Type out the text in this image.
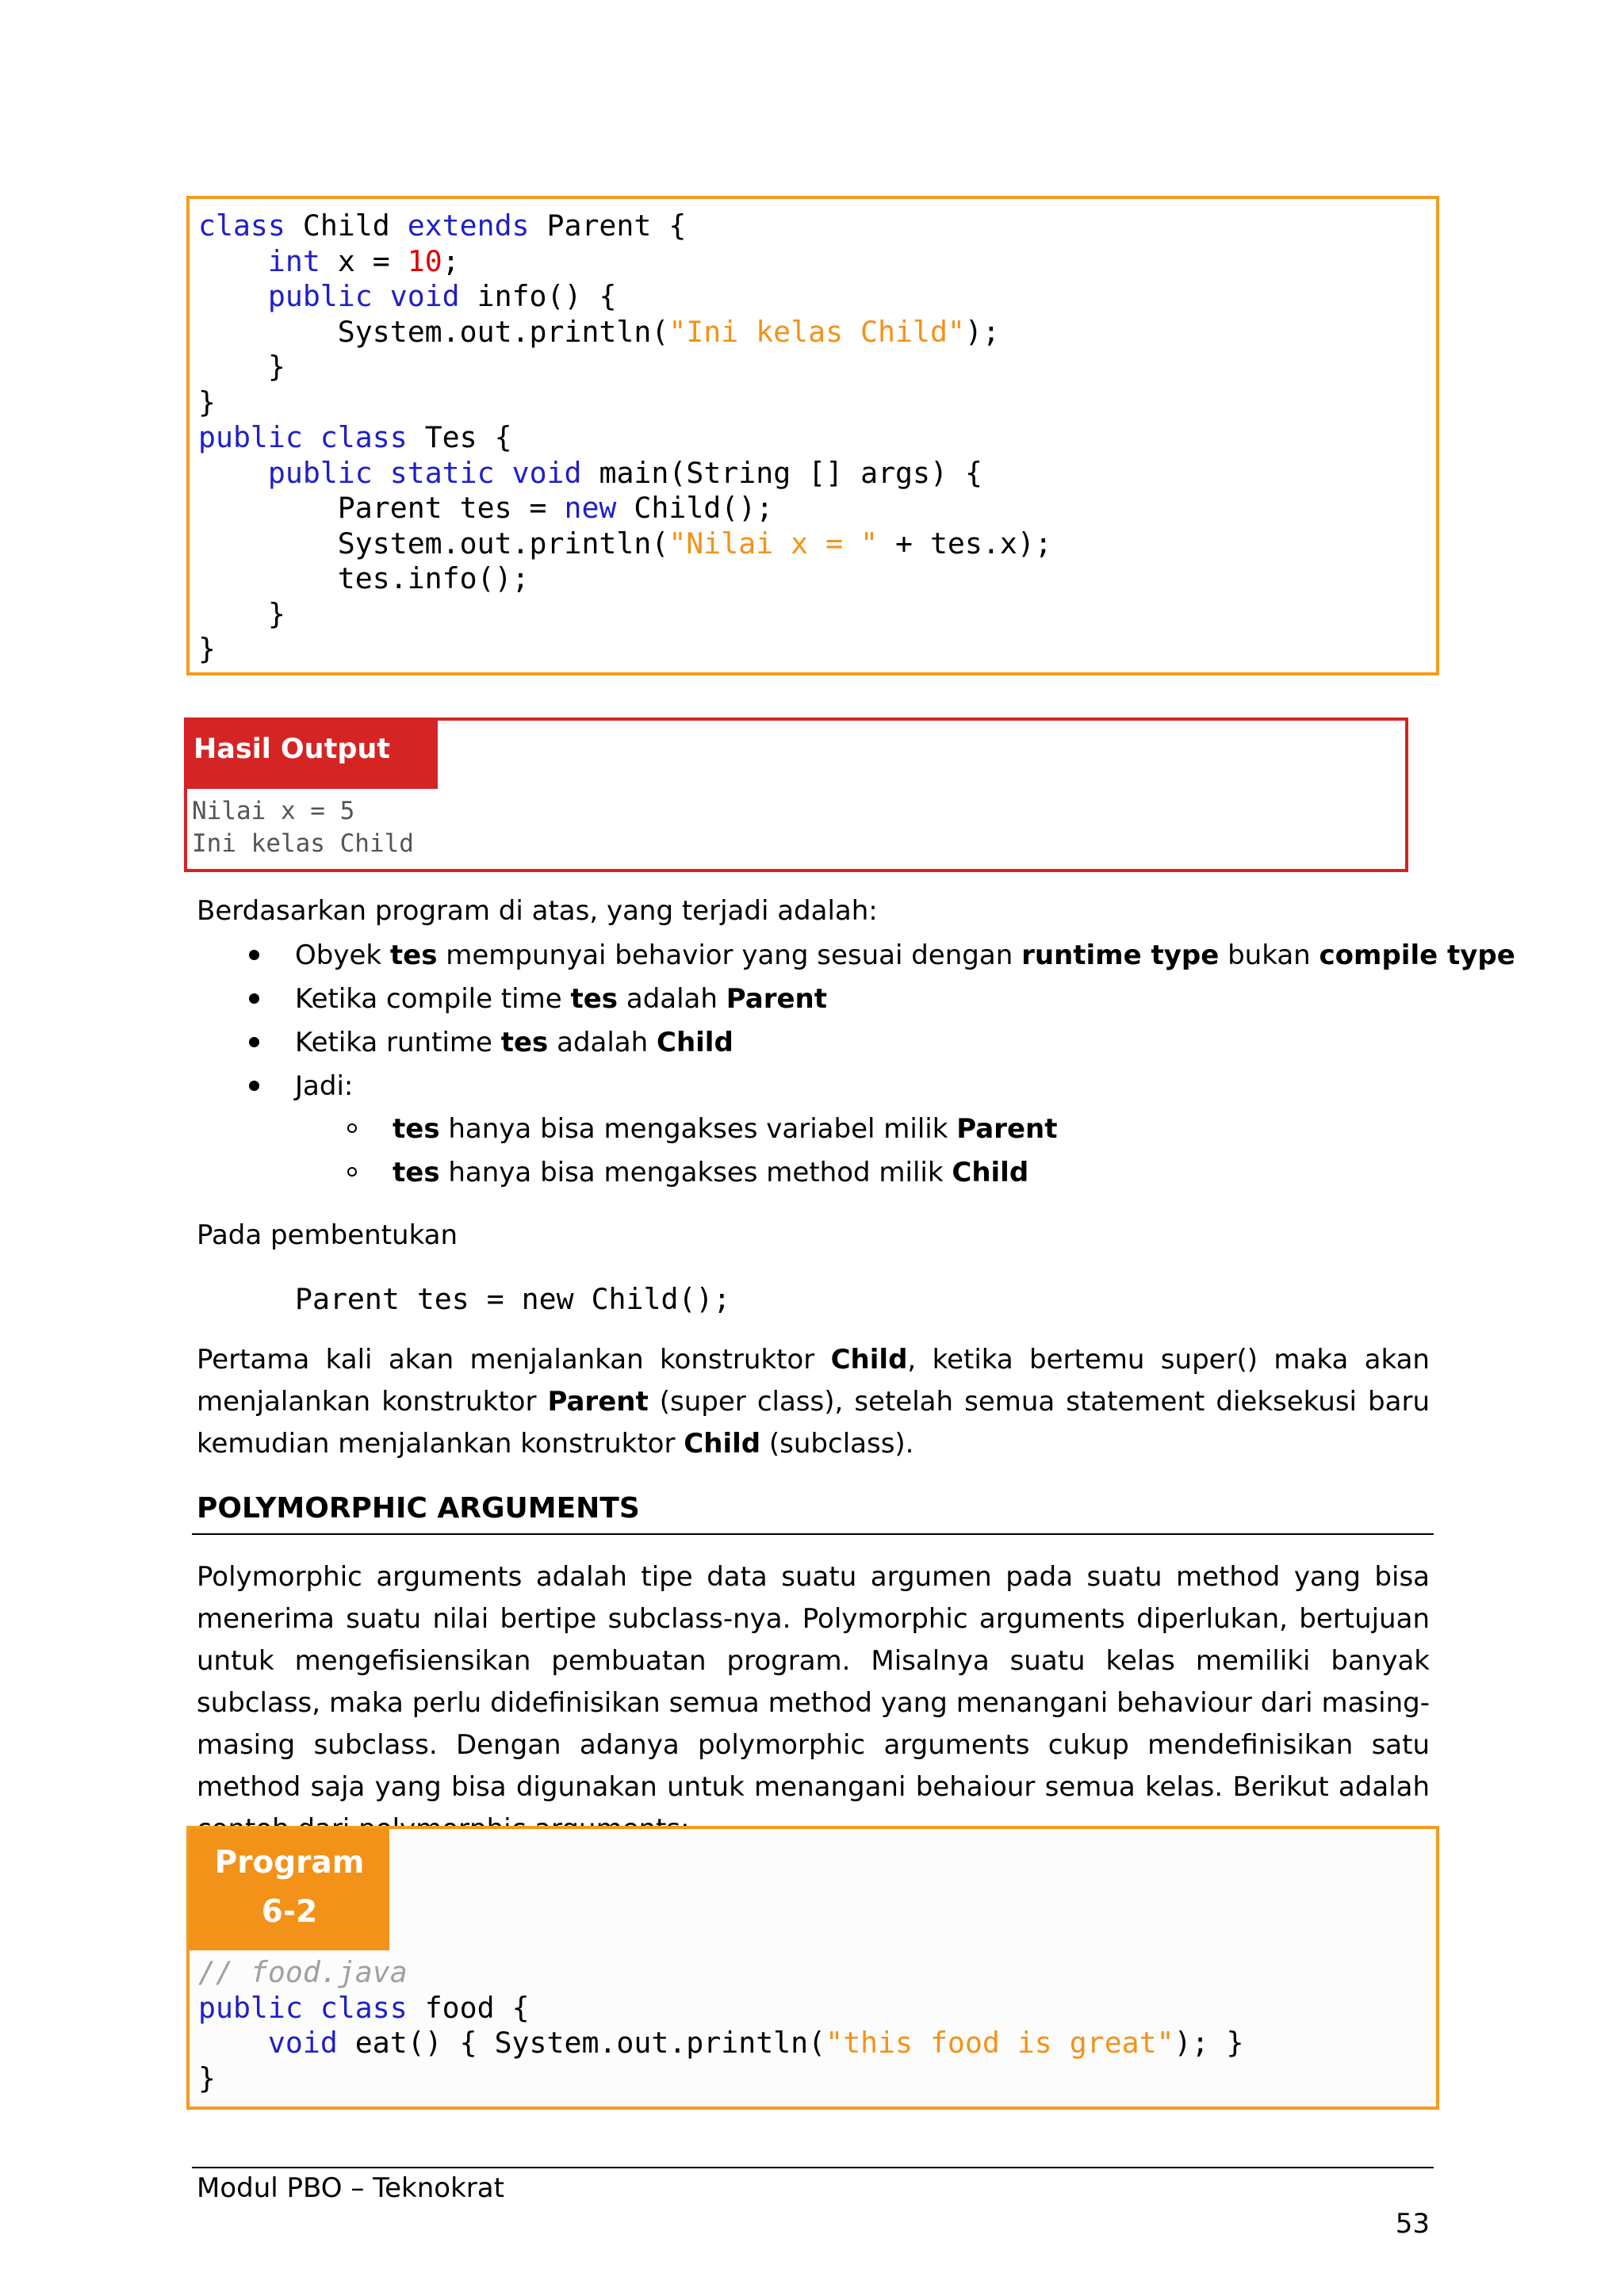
class Child extends Parent {
int x = 10;
public void info() {
System.out.println("Ini kelas Child");
}
}
public class Tes {
public static void main(String [] args) {
Parent tes = new Child();
System.out.println("Nilai x = " + tes.x);
tes.info();
}
}
Hasil Output
Nilai x = 5
Ini kelas Child
Berdasarkan program di atas, yang terjadi adalah:
Obyek tes mempunyai behavior yang sesuai dengan runtime type bukan compile type
Ketika compile time tes adalah Parent
Ketika runtime tes adalah Child
Jadi:
tes hanya bisa mengakses variabel milik Parent
tes hanya bisa mengakses method milik Child
Pada pembentukan
Parent tes = new Child();
Pertama kali akan menjalankan konstruktor Child, ketika bertemu super() maka akan menjalankan konstruktor Parent (super class), setelah semua statement dieksekusi baru kemudian menjalankan konstruktor Child (subclass).
POLYMORPHIC ARGUMENTS
Polymorphic arguments adalah tipe data suatu argumen pada suatu method yang bisa menerima suatu nilai bertipe subclass-nya. Polymorphic arguments diperlukan, bertujuan untuk mengefisiensikan pembuatan program. Misalnya suatu kelas memiliki banyak subclass, maka perlu didefinisikan semua method yang menangani behaviour dari masing-masing subclass. Dengan adanya polymorphic arguments cukup mendefinisikan satu method saja yang bisa digunakan untuk menangani behaiour semua kelas. Berikut adalah
Program 6-2
// food.java
public class food {
void eat() { System.out.println("this food is great"); }
}
Modul PBO – Teknokrat
53
